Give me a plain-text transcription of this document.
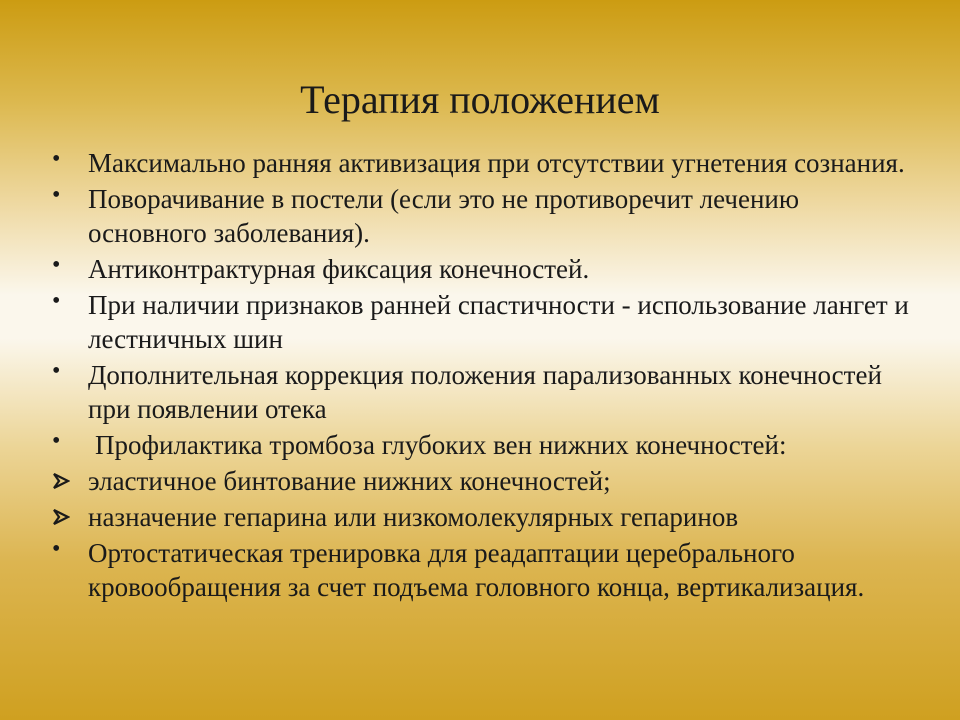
Терапия положением
•	Максимально ранняя активизация при отсутствии угнетения сознания.
•	Поворачивание в постели (если это не противоречит лечению основного заболевания).
•	Антиконтрактурная фиксация конечностей.
•	При наличии признаков ранней спастичности - использование лангет и лестничных шин
•	Дополнительная коррекция положения парализованных конечностей при появлении отека
•	Профилактика тромбоза глубоких вен нижних конечностей:
эластичное бинтование нижних конечностей;
назначение гепарина или низкомолекулярных гепаринов
•	Ортостатическая тренировка для реадаптации церебрального кровообращения за счет подъема головного конца, вертикализация.
